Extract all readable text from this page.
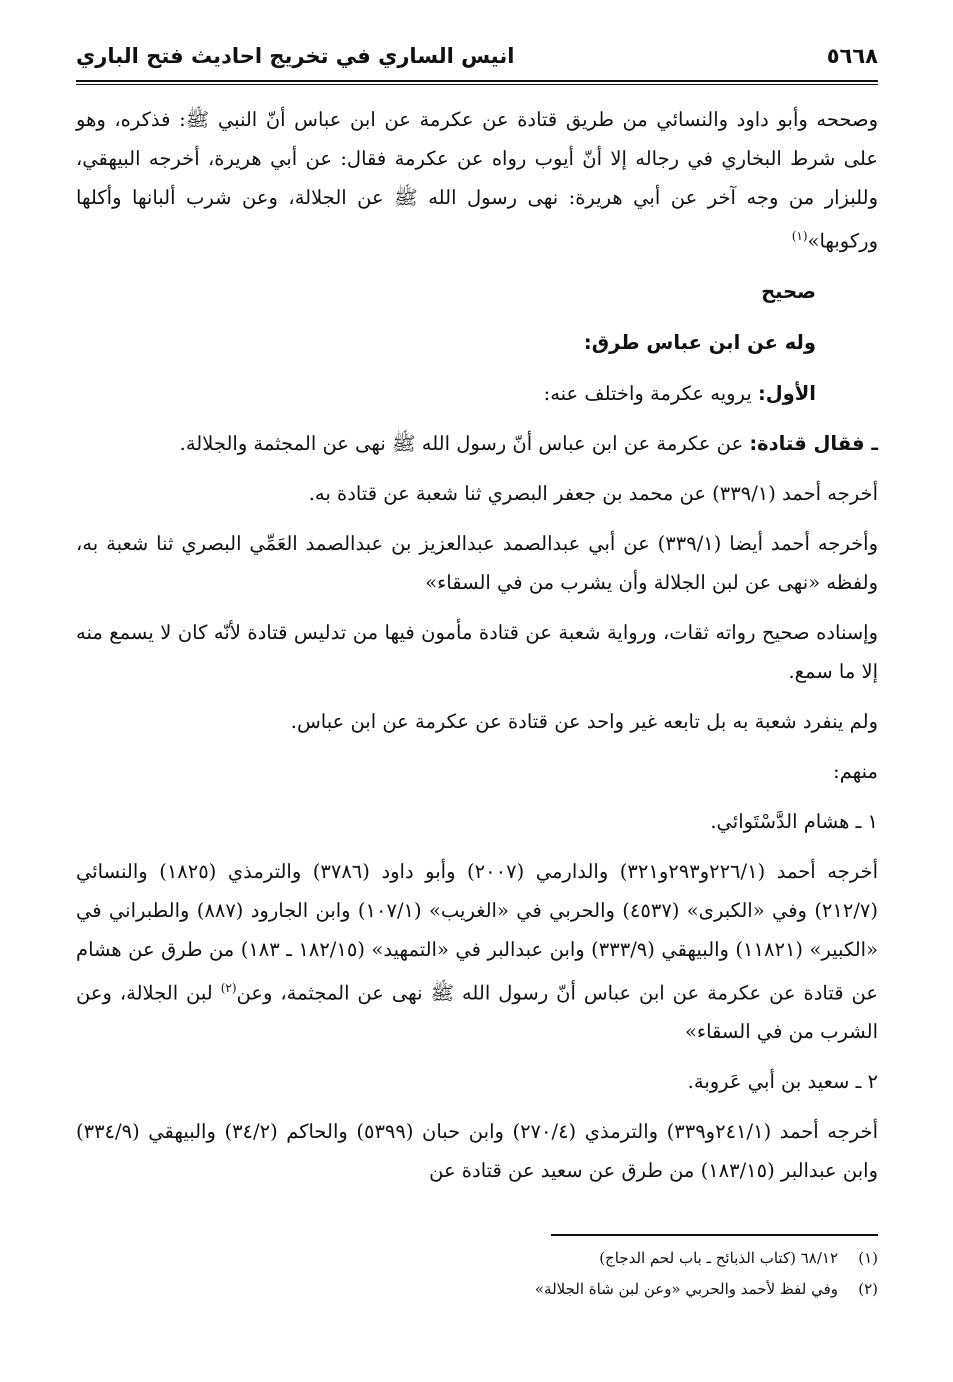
٥٦٦٨
انيس الساري في تخريج احاديث فتح الباري

وصححه وأبو داود والنسائي من طريق قتادة عن عكرمة عن ابن عباس أنّ النبي ﷺ: فذكره، وهو على شرط البخاري في رجاله إلا أنّ أيوب رواه عن عكرمة فقال: عن أبي هريرة، أخرجه البيهقي، وللبزار من وجه آخر عن أبي هريرة: نهى رسول الله ﷺ عن الجلالة، وعن شرب ألبانها وأكلها وركوبها»$^{(١)}$

صحيح

وله عن ابن عباس طرق:

الأول: يرويه عكرمة واختلف عنه:

ـ فقال قتادة: عن عكرمة عن ابن عباس أنّ رسول الله ﷺ نهى عن المجثمة والجلالة.

أخرجه أحمد (٣٣٩/١) عن محمد بن جعفر البصري ثنا شعبة عن قتادة به.

وأخرجه أحمد أيضا (٣٣٩/١) عن أبي عبدالصمد عبدالعزيز بن عبدالصمد العَمِّي البصري ثنا شعبة به، ولفظه «نهى عن لبن الجلالة وأن يشرب من في السقاء»

وإسناده صحيح رواته ثقات، ورواية شعبة عن قتادة مأمون فيها من تدليس قتادة لأنّه كان لا يسمع منه إلا ما سمع.

ولم ينفرد شعبة به بل تابعه غير واحد عن قتادة عن عكرمة عن ابن عباس.

منهم:

١ ـ هشام الدَّسْتَوائي.

أخرجه أحمد (٢٢٦/١و٢٩٣و٣٢١) والدارمي (٢٠٠٧) وأبو داود (٣٧٨٦) والترمذي (١٨٢٥) والنسائي (٢١٢/٧) وفي «الكبرى» (٤٥٣٧) والحربي في «الغريب» (١٠٧/١) وابن الجارود (٨٨٧) والطبراني في «الكبير» (١١٨٢١) والبيهقي (٣٣٣/٩) وابن عبدالبر في «التمهيد» (١٨٢/١٥ ـ ١٨٣) من طرق عن هشام عن قتادة عن عكرمة عن ابن عباس أنّ رسول الله ﷺ نهى عن المجثمة، وعن$^{(٢)}$ لبن الجلالة، وعن الشرب من في السقاء»

٢ ـ سعيد بن أبي عَروبة.

أخرجه أحمد (٢٤١/١و٣٣٩) والترمذي (٢٧٠/٤) وابن حبان (٥٣٩٩) والحاكم (٣٤/٢) والبيهقي (٣٣٤/٩) وابن عبدالبر (١٨٣/١٥) من طرق عن سعيد عن قتادة عن

(١)٦٨/١٢ (كتاب الذبائح ـ باب لحم الدجاج)

(٢)وفي لفظ لأحمد والحربي «وعن لبن شاة الجلالة»
